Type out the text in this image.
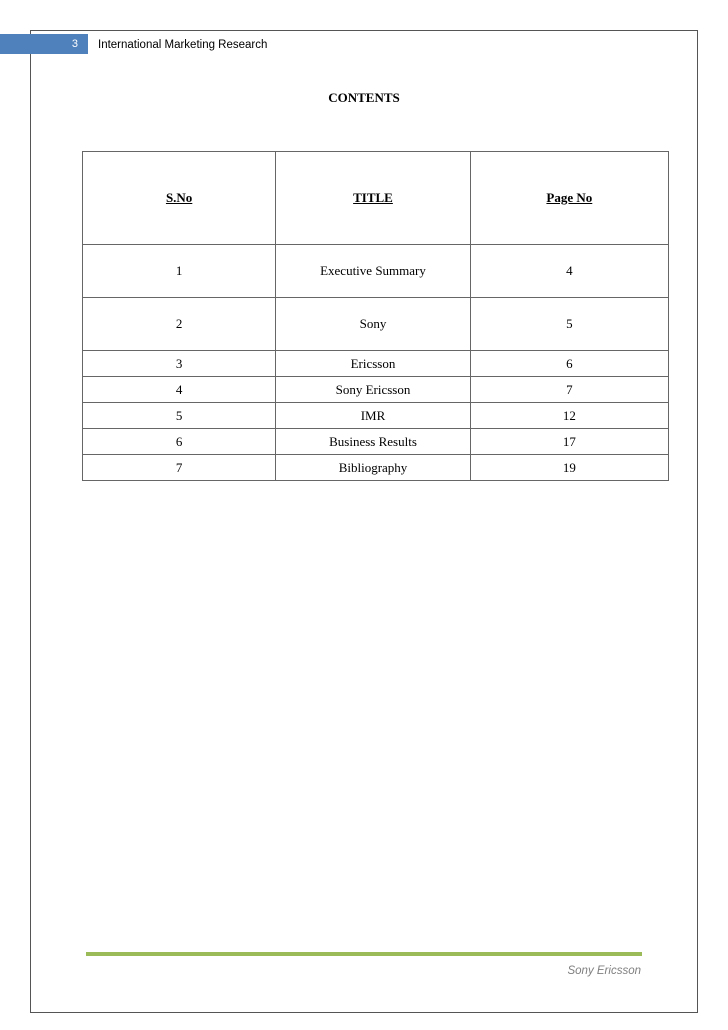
3 International Marketing Research
CONTENTS
S.No	TITLE	Page No
1	Executive Summary	4
2	Sony	5
3	Ericsson	6
4	Sony Ericsson	7
5	IMR	12
6	Business Results	17
7	Bibliography	19
Sony Ericsson
